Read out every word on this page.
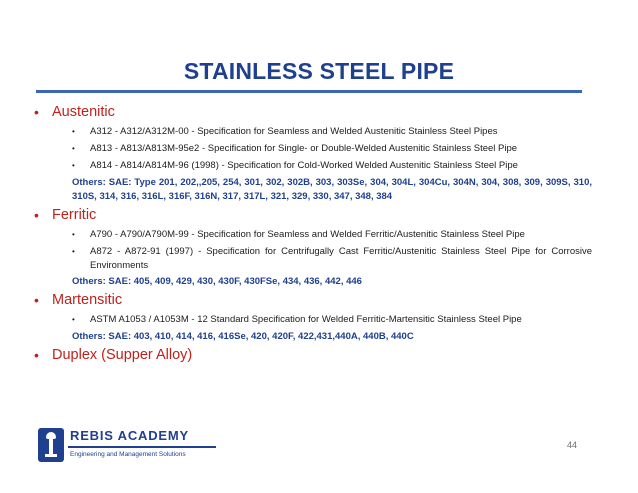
STAINLESS STEEL PIPE
• Austenitic
•	A312 - A312/A312M-00 - Specification for Seamless and Welded Austenitic Stainless Steel Pipes
•	A813 - A813/A813M-95e2 - Specification for Single- or Double-Welded Austenitic Stainless Steel Pipe
•	A814 - A814/A814M-96 (1998) - Specification for Cold-Worked Welded Austenitic Stainless Steel Pipe
Others: SAE: Type 201, 202,,205, 254, 301, 302, 302B, 303, 303Se, 304, 304L, 304Cu, 304N, 304, 308, 309, 309S, 310, 310S, 314, 316, 316L, 316F, 316N, 317, 317L, 321, 329, 330, 347, 348, 384
• Ferritic
•	A790 - A790/A790M-99 - Specification for Seamless and Welded Ferritic/Austenitic Stainless Steel Pipe
•	A872 - A872-91 (1997) - Specification for Centrifugally Cast Ferritic/Austenitic Stainless Steel Pipe for Corrosive Environments
Others: SAE: 405, 409, 429, 430, 430F, 430FSe, 434, 436, 442, 446
• Martensitic
•	ASTM A1053 / A1053M - 12 Standard Specification for Welded Ferritic-Martensitic Stainless Steel Pipe
Others: SAE: 403, 410, 414, 416, 416Se, 420, 420F, 422,431,440A, 440B, 440C
• Duplex (Supper Alloy)
REBIS ACADEMY
Engineering and Management Solutions
44
